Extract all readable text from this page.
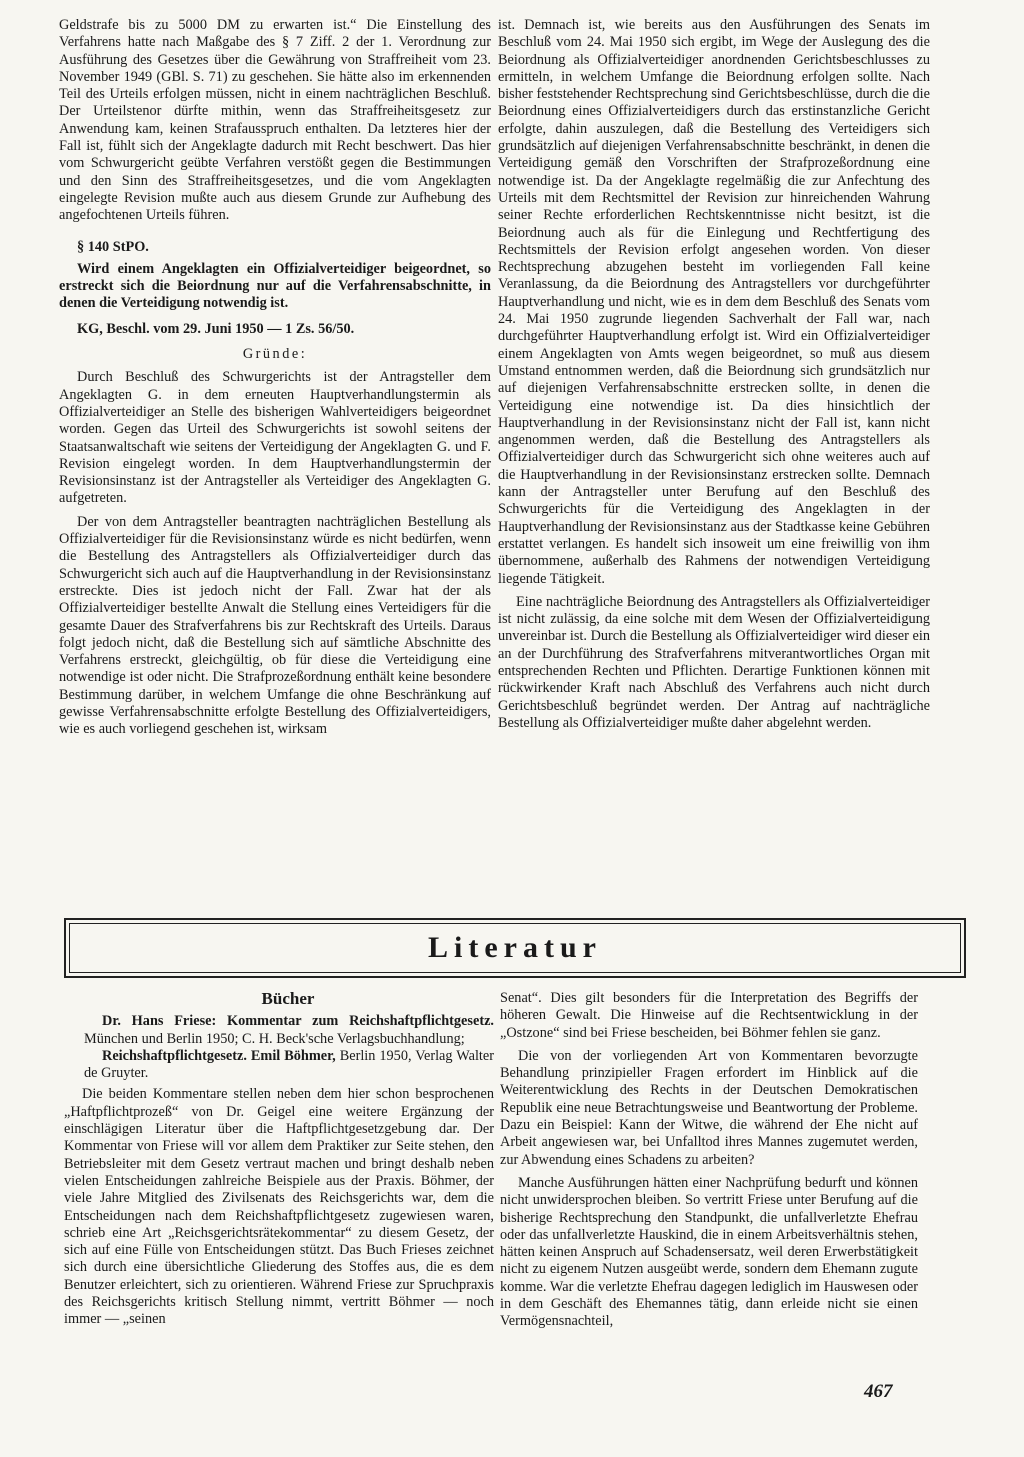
Geldstrafe bis zu 5000 DM zu erwarten ist.“ Die Einstellung des Verfahrens hatte nach Maßgabe des § 7 Ziff. 2 der 1. Verordnung zur Ausführung des Gesetzes über die Gewährung von Straffreiheit vom 23. November 1949 (GBl. S. 71) zu geschehen. Sie hätte also im erkennenden Teil des Urteils erfolgen müssen, nicht in einem nachträglichen Beschluß. Der Urteilstenor dürfte mithin, wenn das Straffreiheitsgesetz zur Anwendung kam, keinen Strafausspruch enthalten. Da letzteres hier der Fall ist, fühlt sich der Angeklagte dadurch mit Recht beschwert. Das hier vom Schwurgericht geübte Verfahren verstößt gegen die Bestimmungen und den Sinn des Straffreiheitsgesetzes, und die vom Angeklagten eingelegte Revision mußte auch aus diesem Grunde zur Aufhebung des angefochtenen Urteils führen.

§ 140 StPO.

Wird einem Angeklagten ein Offizialverteidiger beigeordnet, so erstreckt sich die Beiordnung nur auf die Verfahrensabschnitte, in denen die Verteidigung notwendig ist.

KG, Beschl. vom 29. Juni 1950 — 1 Zs. 56/50.

Gründe:

Durch Beschluß des Schwurgerichts ist der Antragsteller dem Angeklagten G. in dem erneuten Hauptverhandlungstermin als Offizialverteidiger an Stelle des bisherigen Wahlverteidigers beigeordnet worden. Gegen das Urteil des Schwurgerichts ist sowohl seitens der Staatsanwaltschaft wie seitens der Verteidigung der Angeklagten G. und F. Revision eingelegt worden. In dem Hauptverhandlungstermin der Revisionsinstanz ist der Antragsteller als Verteidiger des Angeklagten G. aufgetreten.

Der von dem Antragsteller beantragten nachträglichen Bestellung als Offizialverteidiger für die Revisionsinstanz würde es nicht bedürfen, wenn die Bestellung des Antragstellers als Offizialverteidiger durch das Schwurgericht sich auch auf die Hauptverhandlung in der Revisionsinstanz erstreckte. Dies ist jedoch nicht der Fall. Zwar hat der als Offizialverteidiger bestellte Anwalt die Stellung eines Verteidigers für die gesamte Dauer des Strafverfahrens bis zur Rechtskraft des Urteils. Daraus folgt jedoch nicht, daß die Bestellung sich auf sämtliche Abschnitte des Verfahrens erstreckt, gleichgültig, ob für diese die Verteidigung eine notwendige ist oder nicht. Die Strafprozeßordnung enthält keine besondere Bestimmung darüber, in welchem Umfange die ohne Beschränkung auf gewisse Verfahrensabschnitte erfolgte Bestellung des Offizialverteidigers, wie es auch vorliegend geschehen ist, wirksam

ist. Demnach ist, wie bereits aus den Ausführungen des Senats im Beschluß vom 24. Mai 1950 sich ergibt, im Wege der Auslegung des die Beiordnung als Offizialverteidiger anordnenden Gerichtsbeschlusses zu ermitteln, in welchem Umfange die Beiordnung erfolgen sollte. Nach bisher feststehender Rechtsprechung sind Gerichtsbeschlüsse, durch die die Beiordnung eines Offizialverteidigers durch das erstinstanzliche Gericht erfolgte, dahin auszulegen, daß die Bestellung des Verteidigers sich grundsätzlich auf diejenigen Verfahrensabschnitte beschränkt, in denen die Verteidigung gemäß den Vorschriften der Strafprozeßordnung eine notwendige ist. Da der Angeklagte regelmäßig die zur Anfechtung des Urteils mit dem Rechtsmittel der Revision zur hinreichenden Wahrung seiner Rechte erforderlichen Rechtskenntnisse nicht besitzt, ist die Beiordnung auch als für die Einlegung und Rechtfertigung des Rechtsmittels der Revision erfolgt angesehen worden. Von dieser Rechtsprechung abzugehen besteht im vorliegenden Fall keine Veranlassung, da die Beiordnung des Antragstellers vor durchgeführter Hauptverhandlung und nicht, wie es in dem dem Beschluß des Senats vom 24. Mai 1950 zugrunde liegenden Sachverhalt der Fall war, nach durchgeführter Hauptverhandlung erfolgt ist. Wird ein Offizialverteidiger einem Angeklagten von Amts wegen beigeordnet, so muß aus diesem Umstand entnommen werden, daß die Beiordnung sich grundsätzlich nur auf diejenigen Verfahrensabschnitte erstrecken sollte, in denen die Verteidigung eine notwendige ist. Da dies hinsichtlich der Hauptverhandlung in der Revisionsinstanz nicht der Fall ist, kann nicht angenommen werden, daß die Bestellung des Antragstellers als Offizialverteidiger durch das Schwurgericht sich ohne weiteres auch auf die Hauptverhandlung in der Revisionsinstanz erstrecken sollte. Demnach kann der Antragsteller unter Berufung auf den Beschluß des Schwurgerichts für die Verteidigung des Angeklagten in der Hauptverhandlung der Revisionsinstanz aus der Stadtkasse keine Gebühren erstattet verlangen. Es handelt sich insoweit um eine freiwillig von ihm übernommene, außerhalb des Rahmens der notwendigen Verteidigung liegende Tätigkeit.

Eine nachträgliche Beiordnung des Antragstellers als Offizialverteidiger ist nicht zulässig, da eine solche mit dem Wesen der Offizialverteidigung unvereinbar ist. Durch die Bestellung als Offizialverteidiger wird dieser ein an der Durchführung des Strafverfahrens mitverantwortliches Organ mit entsprechenden Rechten und Pflichten. Derartige Funktionen können mit rückwirkender Kraft nach Abschluß des Verfahrens auch nicht durch Gerichtsbeschluß begründet werden. Der Antrag auf nachträgliche Bestellung als Offizialverteidiger mußte daher abgelehnt werden.

Literatur

Bücher

Dr. Hans Friese: Kommentar zum Reichshaftpflichtgesetz. München und Berlin 1950; C. H. Beck'sche Verlagsbuchhandlung;

Reichshaftpflichtgesetz. Emil Böhmer, Berlin 1950, Verlag Walter de Gruyter.

Die beiden Kommentare stellen neben dem hier schon besprochenen „Haftpflichtprozeß“ von Dr. Geigel eine weitere Ergänzung der einschlägigen Literatur über die Haftpflichtgesetzgebung dar. Der Kommentar von Friese will vor allem dem Praktiker zur Seite stehen, den Betriebsleiter mit dem Gesetz vertraut machen und bringt deshalb neben vielen Entscheidungen zahlreiche Beispiele aus der Praxis. Böhmer, der viele Jahre Mitglied des Zivilsenats des Reichsgerichts war, dem die Entscheidungen nach dem Reichshaftpflichtgesetz zugewiesen waren, schrieb eine Art „Reichsgerichtsrätekommentar“ zu diesem Gesetz, der sich auf eine Fülle von Entscheidungen stützt. Das Buch Frieses zeichnet sich durch eine übersichtliche Gliederung des Stoffes aus, die es dem Benutzer erleichtert, sich zu orientieren. Während Friese zur Spruchpraxis des Reichsgerichts kritisch Stellung nimmt, vertritt Böhmer — noch immer — „seinen

Senat“. Dies gilt besonders für die Interpretation des Begriffs der höheren Gewalt. Die Hinweise auf die Rechtsentwicklung in der „Ostzone“ sind bei Friese bescheiden, bei Böhmer fehlen sie ganz.

Die von der vorliegenden Art von Kommentaren bevorzugte Behandlung prinzipieller Fragen erfordert im Hinblick auf die Weiterentwicklung des Rechts in der Deutschen Demokratischen Republik eine neue Betrachtungsweise und Beantwortung der Probleme. Dazu ein Beispiel: Kann der Witwe, die während der Ehe nicht auf Arbeit angewiesen war, bei Unfalltod ihres Mannes zugemutet werden, zur Abwendung eines Schadens zu arbeiten?

Manche Ausführungen hätten einer Nachprüfung bedurft und können nicht unwidersprochen bleiben. So vertritt Friese unter Berufung auf die bisherige Rechtsprechung den Standpunkt, die unfallverletzte Ehefrau oder das unfallverletzte Hauskind, die in einem Arbeitsverhältnis stehen, hätten keinen Anspruch auf Schadensersatz, weil deren Erwerbstätigkeit nicht zu eigenem Nutzen ausgeübt werde, sondern dem Ehemann zugute komme. War die verletzte Ehefrau dagegen lediglich im Hauswesen oder in dem Geschäft des Ehemannes tätig, dann erleide nicht sie einen Vermögensnachteil,

467
